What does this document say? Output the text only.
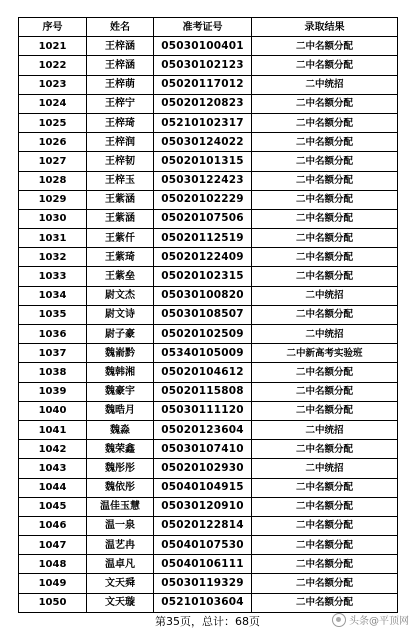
序号	姓名	准考证号	录取结果
1021	王梓涵	05030100401	二中名额分配
1022	王梓涵	05030102123	二中名额分配
1023	王梓萌	05020117012	二中统招
1024	王梓宁	05020120823	二中名额分配
1025	王梓琦	05210102317	二中名额分配
1026	王梓润	05030124022	二中名额分配
1027	王梓韧	05020101315	二中名额分配
1028	王梓玉	05030122423	二中名额分配
1029	王紫涵	05020102229	二中名额分配
1030	王紫涵	05020107506	二中名额分配
1031	王紫仟	05020112519	二中名额分配
1032	王紫琦	05020122409	二中名额分配
1033	王紫垒	05020102315	二中名额分配
1034	尉文杰	05030100820	二中统招
1035	尉文诗	05030108507	二中名额分配
1036	尉子豪	05020102509	二中统招
1037	魏嵛黔	05340105009	二中新高考实验班
1038	魏韩湘	05020104612	二中名额分配
1039	魏豪宇	05020115808	二中名额分配
1040	魏晧月	05030111120	二中名额分配
1041	魏淼	05020123604	二中统招
1042	魏荣鑫	05030107410	二中名额分配
1043	魏彤彤	05020102930	二中统招
1044	魏依彤	05040104915	二中名额分配
1045	温佳玉慧	05030120910	二中名额分配
1046	温一泉	05020122814	二中名额分配
1047	温艺冉	05040107530	二中名额分配
1048	温卓凡	05040106111	二中名额分配
1049	文天舜	05030119329	二中名额分配
1050	文天璇	05210103604	二中名额分配
第35页，总计：68页	头条@平顶网
